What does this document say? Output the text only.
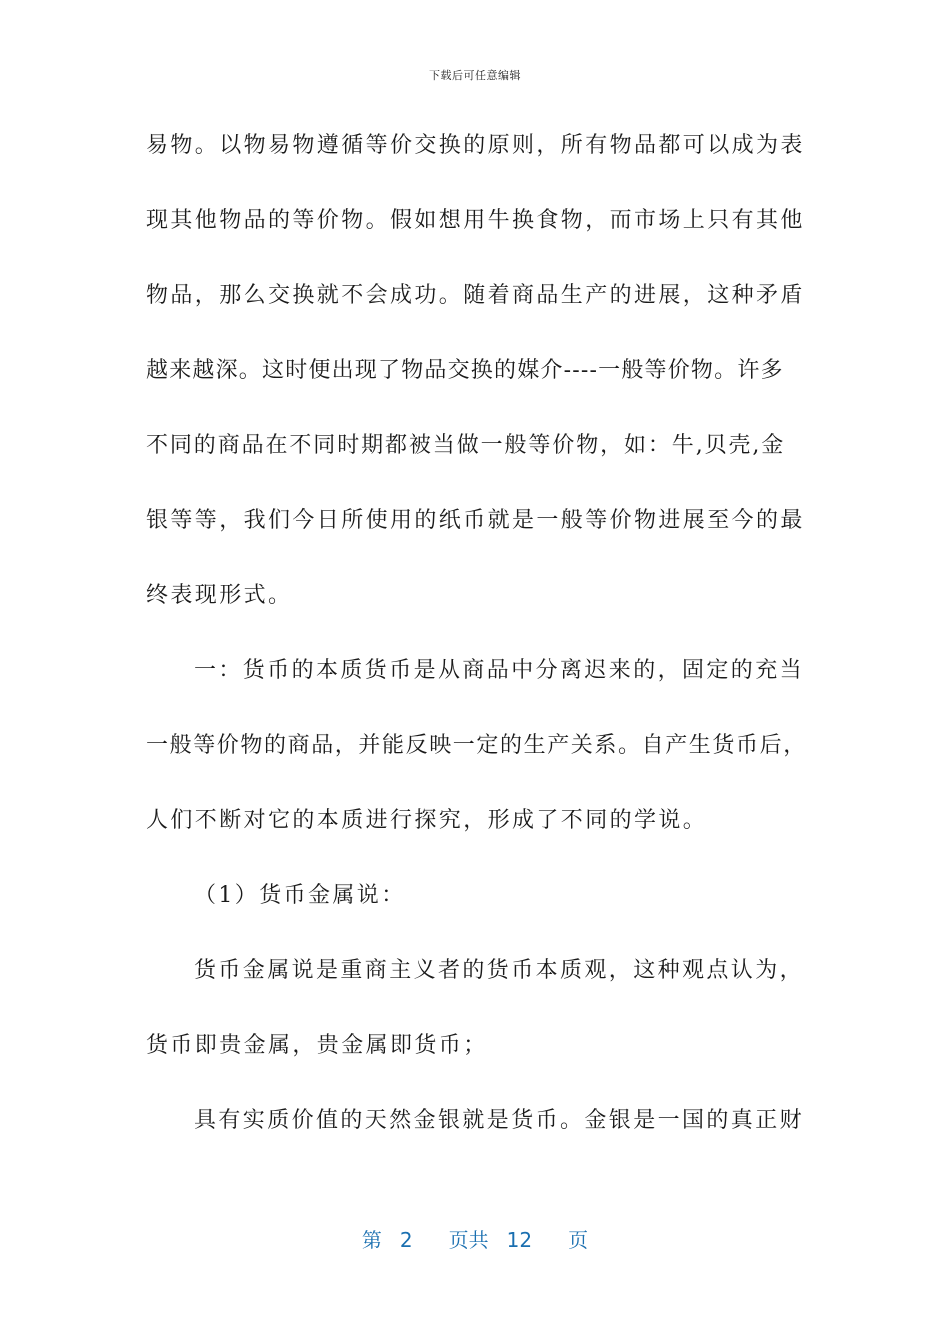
下载后可任意编辑
易物。以物易物遵循等价交换的原则，所有物品都可以成为表
现其他物品的等价物。假如想用牛换食物，而市场上只有其他
物品，那么交换就不会成功。随着商品生产的进展，这种矛盾
越来越深。这时便出现了物品交换的媒介----一般等价物。许多
不同的商品在不同时期都被当做一般等价物，如：牛,贝壳,金
银等等，我们今日所使用的纸币就是一般等价物进展至今的最
终表现形式。
一：货币的本质货币是从商品中分离迟来的，固定的充当
一般等价物的商品，并能反映一定的生产关系。自产生货币后，
人们不断对它的本质进行探究，形成了不同的学说。
（1）货币金属说：
货币金属说是重商主义者的货币本质观，这种观点认为，
货币即贵金属，贵金属即货币；
具有实质价值的天然金银就是货币。金银是一国的真正财
第 2 页共 12 页
